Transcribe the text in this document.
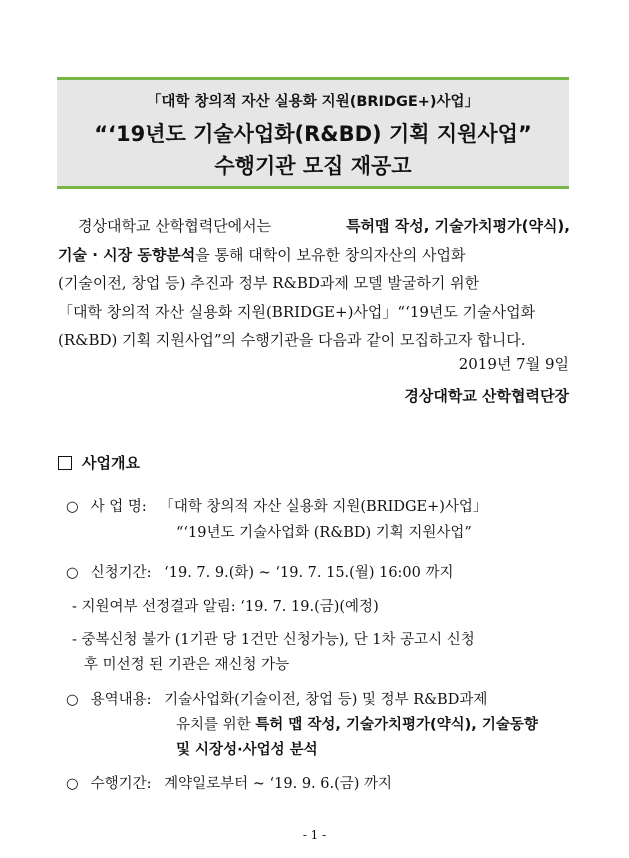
「대학 창의적 자산 실용화 지원(BRIDGE+)사업」
“‘19년도 기술사업화(R&BD) 기획 지원사업”
수행기관 모집 재공고
경상대학교 산학협력단에서는	특허맵 작성, 기술가치평가(약식),
기술 · 시장 동향분석 을 통해 대학이 보유한 창의자산의 사업화
(기술이전, 창업 등) 추진과 정부 R&BD과제 모델 발굴하기 위한
「대학 창의적 자산 실용화 지원(BRIDGE+)사업」“‘19년도 기술사업화
(R&BD) 기획 지원사업”의 수행기관을 다음과 같이 모집하고자 합니다.
2019년 7월 9일
경상대학교 산학협력단장
사업개요
○ 사 업 명: 「대학 창의적 자산 실용화 지원(BRIDGE+)사업」
“‘19년도 기술사업화 (R&BD) 기획 지원사업”
○ 신청기간: ‘19. 7. 9.(화) ~ ‘19. 7. 15.(월) 16:00 까지
- 지원여부 선정결과 알림: ‘19. 7. 19.(금)(예정)
- 중복신청 불가 (1기관 당 1건만 신청가능), 단 1차 공고시 신청
후 미선정 된 기관은 재신청 가능
○ 용역내용: 기술사업화(기술이전, 창업 등) 및 정부 R&BD과제
유치를 위한 특허 맵 작성, 기술가치평가(약식), 기술동향
및 시장성·사업성 분석
○ 수행기간: 계약일로부터 ~ ‘19. 9. 6.(금) 까지
- 1 -
